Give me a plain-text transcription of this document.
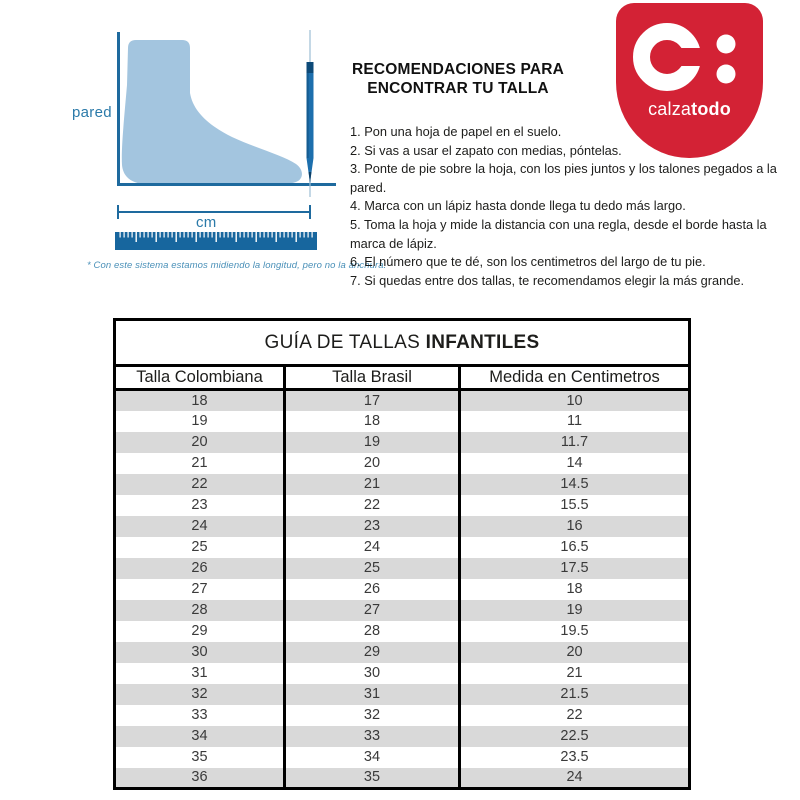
pared
cm
* Con este sistema estamos midiendo la longitud, pero no la anchura.
RECOMENDACIONES PARA
ENCONTRAR TU TALLA

1. Pon una hoja de papel en el suelo.

2. Si vas a usar el zapato con medias, póntelas.

3. Ponte de pie sobre la hoja, con los pies juntos y los talones pegados a la pared.

4. Marca con un lápiz hasta donde llega tu dedo más largo.

5. Toma la hoja y mide la distancia con una regla, desde el borde hasta la marca de lápiz.

6. El número que te dé, son los centimetros del largo de tu pie.

7. Si quedas entre dos tallas, te recomendamos elegir la más grande.

calzatodo
GUÍA DE TALLAS INFANTILES		
Talla Colombiana	Talla Brasil	Medida en Centimetros
18	17	10
19	18	11
20	19	11.7
21	20	14
22	21	14.5
23	22	15.5
24	23	16
25	24	16.5
26	25	17.5
27	26	18
28	27	19
29	28	19.5
30	29	20
31	30	21
32	31	21.5
33	32	22
34	33	22.5
35	34	23.5
36	35	24
